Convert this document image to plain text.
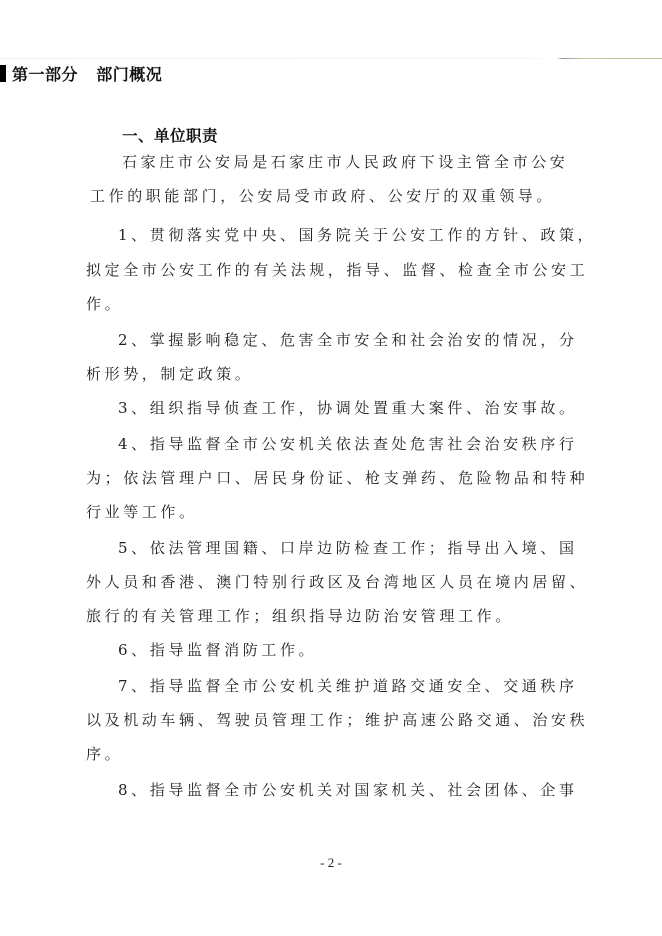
第一部分   部门概况
一、单位职责
石家庄市公安局是石家庄市人民政府下设主管全市公安
工作的职能部门，公安局受市政府、公安厅的双重领导。
1、贯彻落实党中央、国务院关于公安工作的方针、政策，
拟定全市公安工作的有关法规，指导、监督、检查全市公安工
作。
2、掌握影响稳定、危害全市安全和社会治安的情况，分
析形势，制定政策。
3、组织指导侦查工作，协调处置重大案件、治安事故。
4、指导监督全市公安机关依法查处危害社会治安秩序行
为；依法管理户口、居民身份证、枪支弹药、危险物品和特种
行业等工作。
5、依法管理国籍、口岸边防检查工作；指导出入境、国
外人员和香港、澳门特别行政区及台湾地区人员在境内居留、
旅行的有关管理工作；组织指导边防治安管理工作。
6、指导监督消防工作。
7、指导监督全市公安机关维护道路交通安全、交通秩序
以及机动车辆、驾驶员管理工作；维护高速公路交通、治安秩
序。
8、指导监督全市公安机关对国家机关、社会团体、企事
- 2 -
